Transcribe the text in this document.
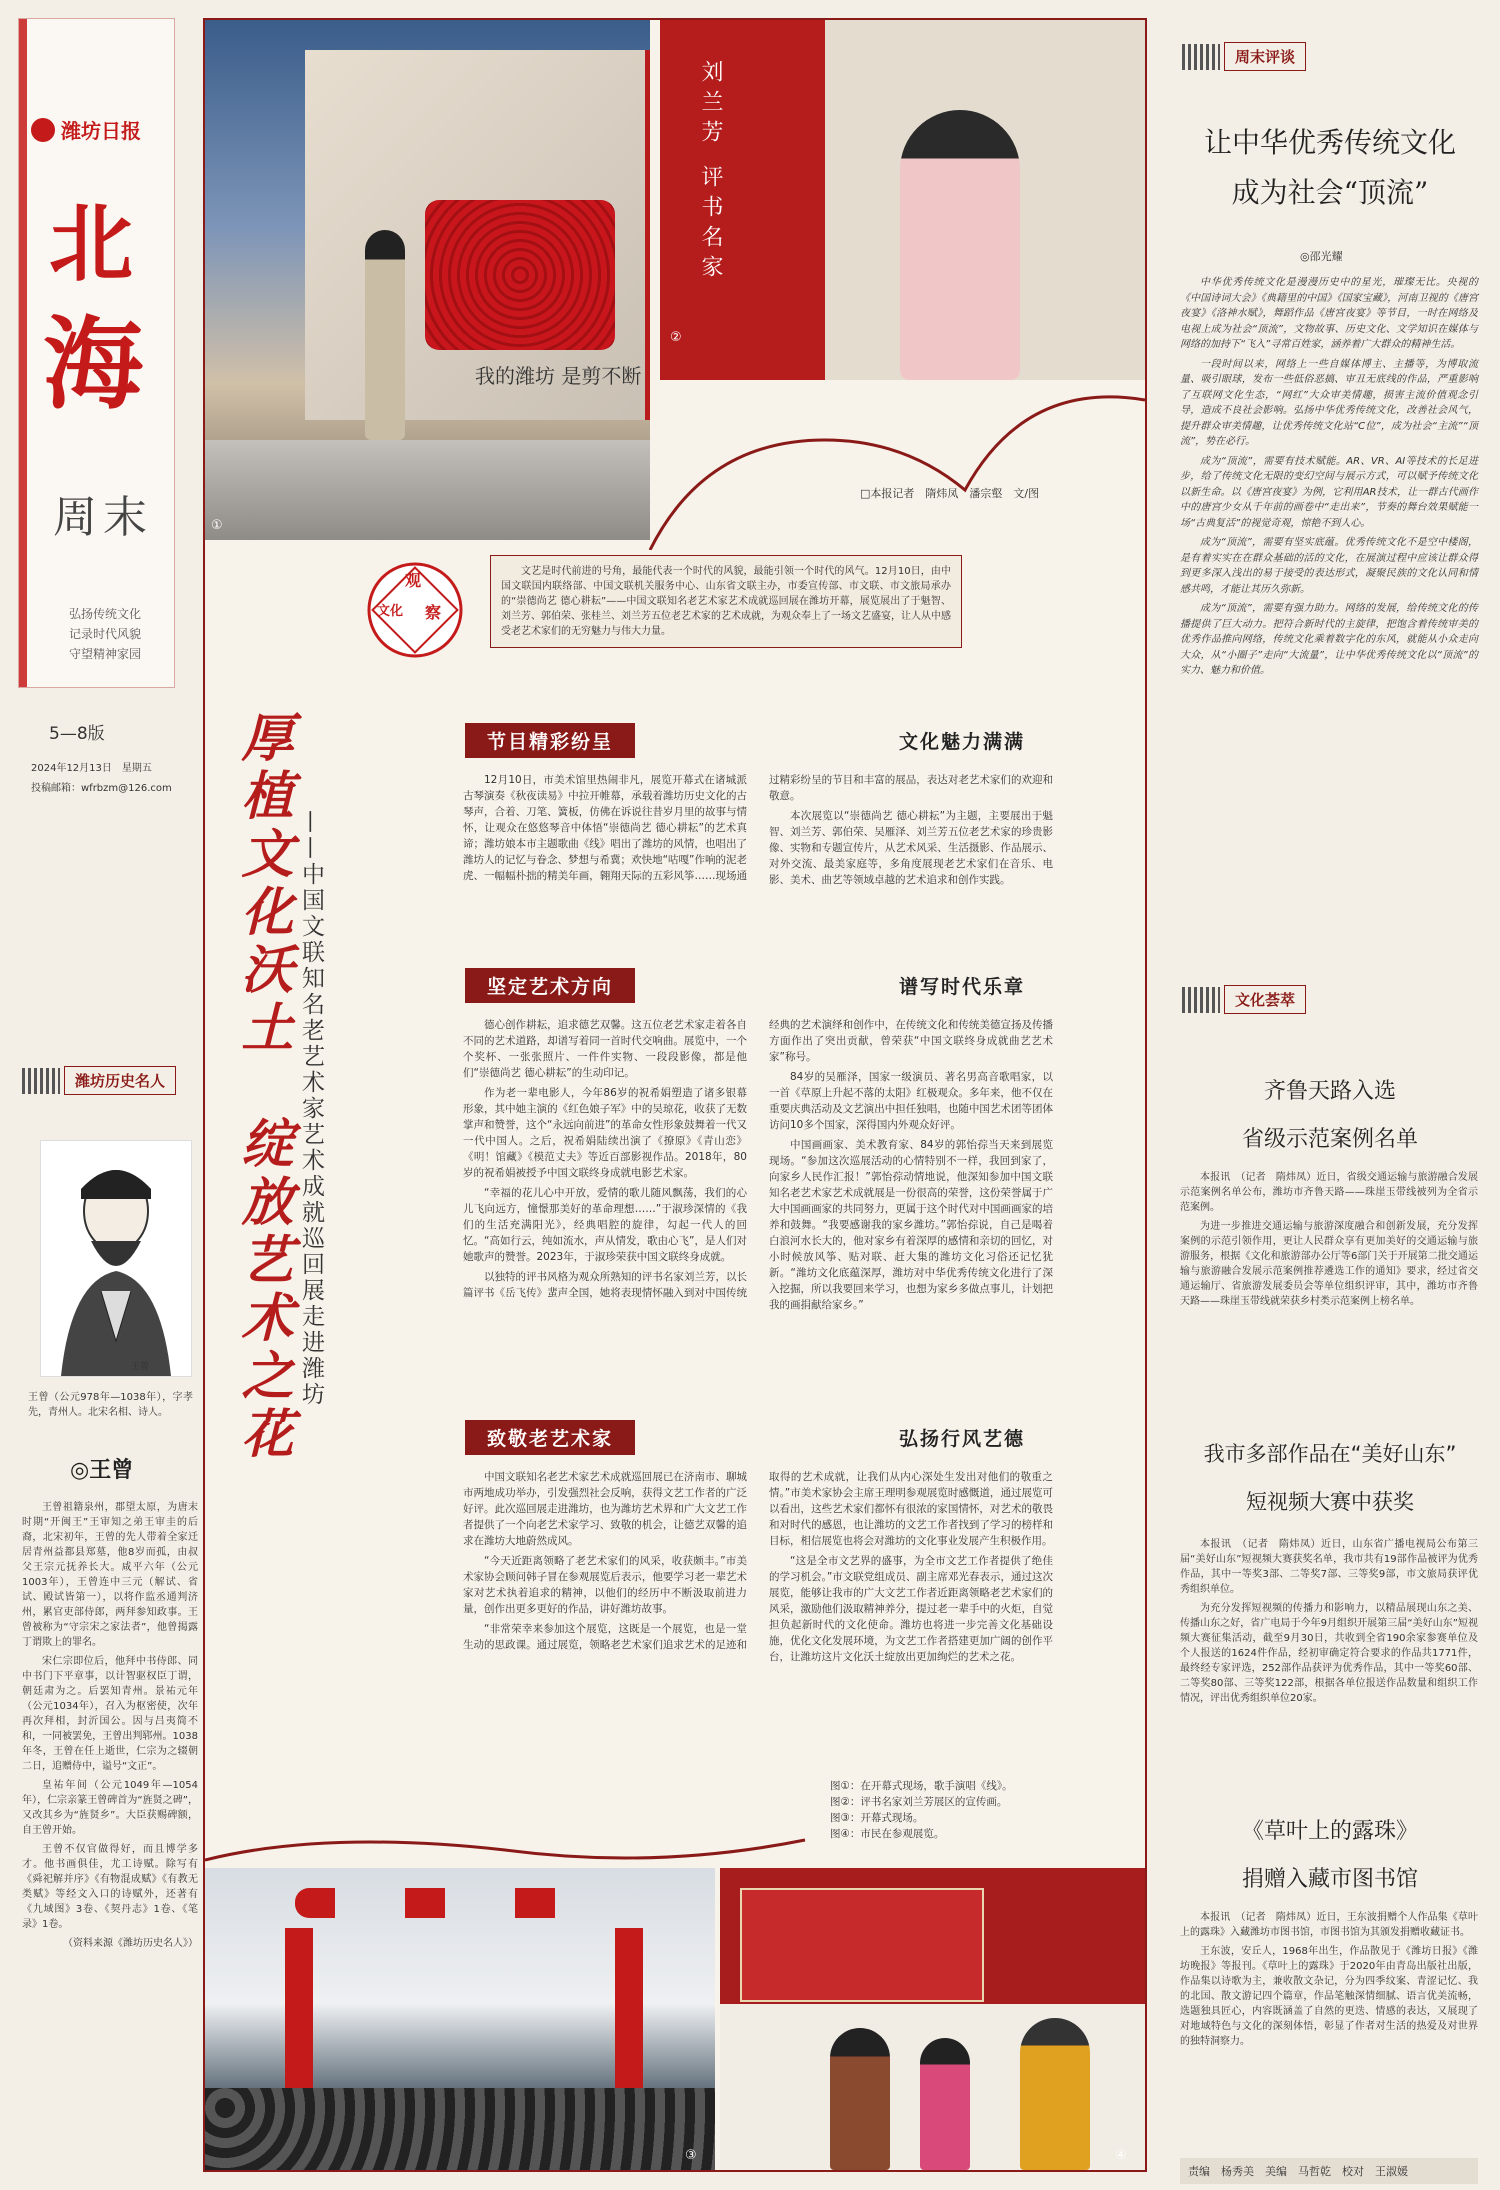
潍坊日报
北
海
周末
弘扬传统文化
记录时代风貌
守望精神家园
5—8版
2024年12月13日　星期五
投稿邮箱：wfrbzm@126.com
潍坊历史名人
王曾
王曾（公元978年—1038年），字孝先，青州人。北宋名相、诗人。
◎王曾

王曾祖籍泉州，郡望太原，为唐末时期“开闽王”王审知之弟王审圭的后裔，北宋初年，王曾的先人带着全家迁居青州益都县郑墓，他8岁而孤，由叔父王宗元抚养长大。咸平六年（公元1003年），王曾连中三元（解试、省试、殿试皆第一），以将作监丞通判济州，累官吏部侍郎，两拜参知政事。王曾被称为“守宗宋之家法者”，他曾揭露丁谓欺上的罪名。

宋仁宗即位后，他拜中书侍郎、同中书门下平章事，以计智驱权臣丁谓，朝廷肃为之。后罢知青州。景祐元年（公元1034年），召入为枢密使，次年再次拜相，封沂国公。因与吕夷简不和，一同被罢免，王曾出判郓州。1038年冬，王曾在任上逝世，仁宗为之辍朝二日，追赠侍中，谥号“文正”。

皇祐年间（公元1049年—1054年），仁宗亲篆王曾碑首为“旌贤之碑”，又改其乡为“旌贤乡”。大臣获赐碑额，自王曾开始。

王曾不仅官做得好，而且博学多才。他书画俱佳，尤工诗赋。除写有《舜祀解并序》《有物混成赋》《有教无类赋》等经文入口的诗赋外，还著有《九域图》3卷、《契丹志》1卷、《笔录》1卷。

（资料来源《潍坊历史名人》）
我的潍坊 是剪不断
①
刘兰芳 评书名家
②
□本报记者　隋炜凤　潘宗壑　文/图
观
文化 察

文艺是时代前进的号角，最能代表一个时代的风貌，最能引领一个时代的风气。12月10日，由中国文联国内联络部、中国文联机关服务中心、山东省文联主办，市委宣传部、市文联、市文旅局承办的“崇德尚艺 德心耕耘”——中国文联知名老艺术家艺术成就巡回展在潍坊开幕，展览展出了于魁智、刘兰芳、郭伯荣、张桂兰、刘兰芳五位老艺术家的艺术成就，为观众奉上了一场文艺盛宴，让人从中感受老艺术家们的无穷魅力与伟大力量。

厚植文化沃土　绽放艺术之花 ——中国文联知名老艺术家艺术成就巡回展走进潍坊
节目精彩纷呈	文化魅力满满

12月10日，市美术馆里热闹非凡，展览开幕式在诸城派古琴演奏《秋夜读易》中拉开帷幕，承载着潍坊历史文化的古琴声，合着、刀笔、簧板，仿佛在诉说往昔岁月里的故事与情怀，让观众在悠悠琴音中体悟“崇德尚艺 德心耕耘”的艺术真谛；潍坊娘本市主题歌曲《线》唱出了潍坊的风情，也唱出了潍坊人的记忆与眷念、梦想与希冀；欢快地“咕嘎”作响的泥老虎、一幅幅朴拙的精美年画，翱翔天际的五彩风筝……现场通过精彩纷呈的节目和丰富的展品，表达对老艺术家们的欢迎和敬意。

本次展览以“崇德尚艺 德心耕耘”为主题，主要展出于魁智、刘兰芳、郭伯荣、吴雁泽、刘兰芳五位老艺术家的珍贵影像、实物和专题宣传片，从艺术风采、生活摄影、作品展示、对外交流、最美家庭等，多角度展现老艺术家们在音乐、电影、美术、曲艺等领域卓越的艺术追求和创作实践。

坚定艺术方向	谱写时代乐章

德心创作耕耘，追求德艺双馨。这五位老艺术家走着各自不同的艺术道路，却谱写着同一首时代交响曲。展览中，一个个奖杯、一张张照片、一件件实物、一段段影像，都是他们“崇德尚艺 德心耕耘”的生动印记。

作为老一辈电影人，今年86岁的祝希娟塑造了诸多银幕形象，其中她主演的《红色娘子军》中的吴琼花，收获了无数掌声和赞誉，这个“永远向前进”的革命女性形象鼓舞着一代又一代中国人。之后，祝希娟陆续出演了《撩原》《青山恋》《明！馆藏》《模范丈夫》等近百部影视作品。2018年，80岁的祝希娟被授予中国文联终身成就电影艺术家。

“幸福的花儿心中开放，爱情的歌儿随风飘荡，我们的心儿飞向远方，憧憬那美好的革命理想……”于淑珍深情的《我们的生活充满阳光》，经典唱腔的旋律，勾起一代人的回忆。“高如行云，纯如流水，声从情发，歌由心飞”，是人们对她歌声的赞誉。2023年，于淑珍荣获中国文联终身成就。

以独特的评书风格为观众所熟知的评书名家刘兰芳，以长篇评书《岳飞传》蜚声全国，她将表现情怀融入到对中国传统经典的艺术演绎和创作中，在传统文化和传统美德宣扬及传播方面作出了突出贡献，曾荣获“中国文联终身成就曲艺艺术家”称号。

84岁的吴雁泽，国家一级演员、著名男高音歌唱家，以一首《草原上升起不落的太阳》红极观众。多年来，他不仅在重要庆典活动及文艺演出中担任独唱，也随中国艺术团等团体访问10多个国家，深得国内外观众好评。

中国画画家、美术教育家、84岁的郭怡孮当天来到展览现场。“参加这次巡展活动的心情特别不一样，我回到家了，向家乡人民作汇报！”郭怡孮动情地说，他深知参加中国文联知名老艺术家艺术成就展是一份很高的荣誉，这份荣誉属于广大中国画画家的共同努力，更属于这个时代对中国画画家的培养和鼓舞。“我要感谢我的家乡潍坊。”郭怡孮说，自己是喝着白浪河水长大的，他对家乡有着深厚的感情和亲切的回忆，对小时候放风筝、贴对联、赶大集的潍坊文化习俗还记忆犹新。“潍坊文化底蕴深厚，潍坊对中华优秀传统文化进行了深入挖掘，所以我要回来学习，也想为家乡多做点事儿，计划把我的画捐献给家乡。”

致敬老艺术家	弘扬行风艺德

中国文联知名老艺术家艺术成就巡回展已在济南市、聊城市两地成功举办，引发强烈社会反响，获得文艺工作者的广泛好评。此次巡回展走进潍坊，也为潍坊艺术界和广大文艺工作者提供了一个向老艺术家学习、致敬的机会，让德艺双馨的追求在潍坊大地蔚然成风。

“今天近距离领略了老艺术家们的风采，收获颇丰。”市美术家协会顾问韩子冒在参观展览后表示，他要学习老一辈艺术家对艺术执着追求的精神，以他们的经历中不断汲取前进力量，创作出更多更好的作品，讲好潍坊故事。

“非常荣幸来参加这个展览，这既是一个展览，也是一堂生动的思政课。通过展览，领略老艺术家们追求艺术的足迹和取得的艺术成就，让我们从内心深处生发出对他们的敬重之情。”市美术家协会主席王理明参观展览时感慨道，通过展览可以看出，这些艺术家们都怀有很浓的家国情怀，对艺术的敬畏和对时代的感恩，也让潍坊的文艺工作者找到了学习的榜样和目标，相信展览也将会对潍坊的文化事业发展产生积极作用。

“这是全市文艺界的盛事，为全市文艺工作者提供了绝佳的学习机会。”市文联党组成员、副主席邓光春表示，通过这次展览，能够让我市的广大文艺工作者近距离领略老艺术家们的风采，激励他们汲取精神养分，提过老一辈手中的火炬，自觉担负起新时代的文化使命。潍坊也将进一步完善文化基础设施，优化文化发展环境，为文艺工作者搭建更加广阔的创作平台，让潍坊这片文化沃土绽放出更加绚烂的艺术之花。

图①：在开幕式现场，歌手演唱《线》。
图②：评书名家刘兰芳展区的宣传画。
图③：开幕式现场。
图④：市民在参观展览。
③	④
周末评谈
让中华优秀传统文化
成为社会“顶流”
◎邵光耀

中华优秀传统文化是漫漫历史中的星光，璀璨无比。央视的《中国诗词大会》《典籍里的中国》《国家宝藏》，河南卫视的《唐宫夜宴》《洛神水赋》，舞蹈作品《唐宫夜宴》等节目，一时在网络及电视上成为社会“顶流”，文物故事、历史文化、文学知识在媒体与网络的加持下“飞入”寻常百姓家，涵养着广大群众的精神生活。

一段时间以来，网络上一些自媒体博主、主播等，为博取流量、吸引眼球，发布一些低俗恶搞、审丑无底线的作品，严重影响了互联网文化生态，“网红”大众审美情趣，损害主流价值观念引导，造成不良社会影响。弘扬中华优秀传统文化，改善社会风气，提升群众审美情趣，让优秀传统文化站“C位”，成为社会“主流”“顶流”，势在必行。

成为“顶流”，需要有技术赋能。AR、VR、AI等技术的长足进步，给了传统文化无限的变幻空间与展示方式，可以赋予传统文化以新生命。以《唐宫夜宴》为例，它利用AR技术，让一群古代画作中的唐宫少女从千年前的画卷中“走出来”，节奏的舞台效果赋能一场“古典复活”的视觉奇观，惊艳不到人心。

成为“顶流”，需要有坚实底蕴。优秀传统文化不是空中楼阁，是有着实实在在群众基础的活的文化，在展演过程中应该让群众得到更多深入浅出的易于接受的表达形式，凝聚民族的文化认同和情感共鸣，才能让其历久弥新。

成为“顶流”，需要有强力助力。网络的发展，给传统文化的传播提供了巨大动力。把符合新时代的主旋律，把饱含着传统审美的优秀作品推向网络，传统文化乘着数字化的东风，就能从小众走向大众，从“小圈子”走向“大流量”，让中华优秀传统文化以“顶流”的实力、魅力和价值。

文化荟萃
齐鲁天路入选
省级示范案例名单

本报讯　（记者　隋炜凤）近日，省级交通运输与旅游融合发展示范案例名单公布，潍坊市齐鲁天路——珠崖玉带线被列为全省示范案例。

为进一步推进交通运输与旅游深度融合和创新发展，充分发挥案例的示范引领作用，更让人民群众享有更加美好的交通运输与旅游服务，根据《文化和旅游部办公厅等6部门关于开展第二批交通运输与旅游融合发展示范案例推荐遴选工作的通知》要求，经过省交通运输厅、省旅游发展委员会等单位组织评审，其中，潍坊市齐鲁天路——珠崖玉带线就荣获乡村类示范案例上榜名单。

我市多部作品在“美好山东”
短视频大赛中获奖

本报讯　（记者　隋炜凤）近日，山东省广播电视局公布第三届“美好山东”短视频大赛获奖名单，我市共有19部作品被评为优秀作品，其中一等奖3部、二等奖7部、三等奖9部，市文旅局获评优秀组织单位。

为充分发挥短视频的传播力和影响力，以精品展现山东之美、传播山东之好，省广电局于今年9月组织开展第三届“美好山东”短视频大赛征集活动，截至9月30日，共收到全省190余家参赛单位及个人报送的1624件作品，经初审确定符合要求的作品共1771件，最终经专家评选，252部作品获评为优秀作品，其中一等奖60部、二等奖80部、三等奖122部，根据各单位报送作品数量和组织工作情况，评出优秀组织单位20家。

《草叶上的露珠》
捐赠入藏市图书馆

本报讯　（记者　隋炜凤）近日，王东波捐赠个人作品集《草叶上的露珠》入藏潍坊市图书馆，市图书馆为其颁发捐赠收藏证书。

王东波，安丘人，1968年出生，作品散见于《潍坊日报》《潍坊晚报》等报刊。《草叶上的露珠》于2020年由青岛出版社出版，作品集以诗歌为主，兼收散文杂记，分为四季纹案、青涩记忆、我的北国、散文游记四个篇章，作品笔触深情细腻、语言优美流畅，选题独具匠心，内容既涵盖了自然的更迭、情感的表达，又展现了对地域特色与文化的深刻体悟，彰显了作者对生活的热爱及对世界的独特洞察力。

责编　杨秀美　美编　马哲乾　校对　王淑媛
